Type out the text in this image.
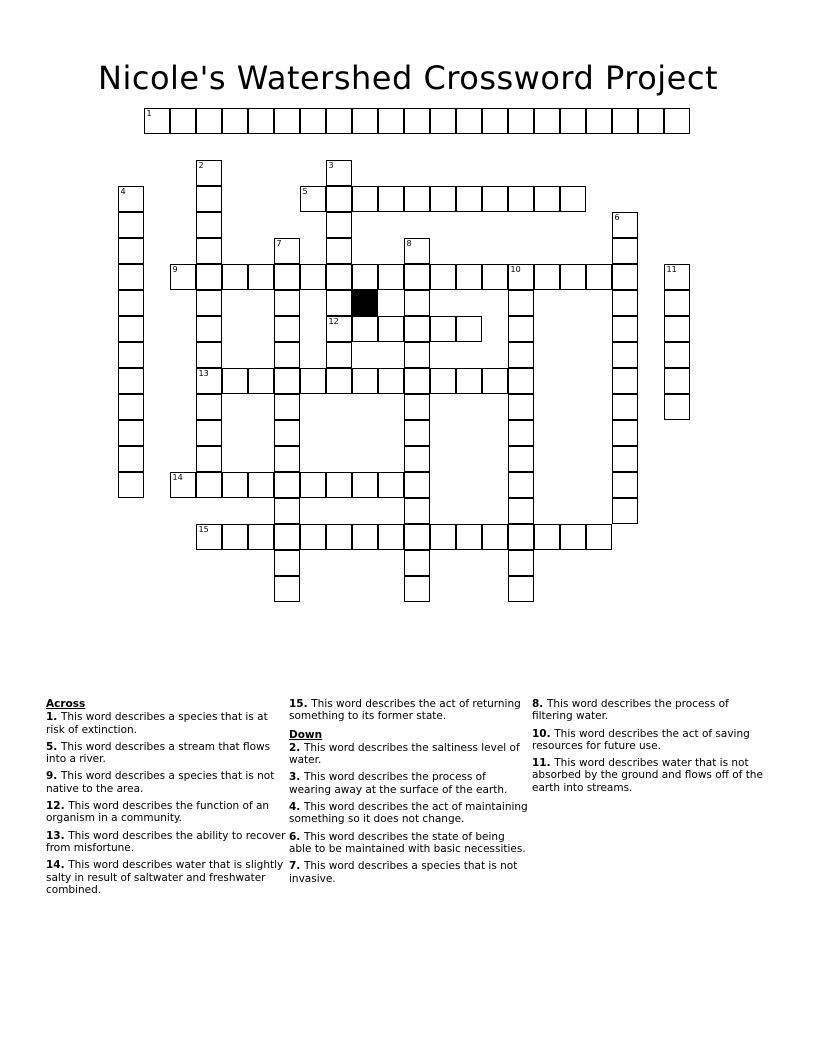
Nicole's Watershed Crossword Project
1
2	3
4	5
6
7	8
9	10	11
12
13
14
15
Across
1. This word describes a species that is at risk of extinction.
5. This word describes a stream that flows into a river.
9. This word describes a species that is not native to the area.
12. This word describes the function of an organism in a community.
13. This word describes the ability to recover from misfortune.
14. This word describes water that is slightly salty in result of saltwater and freshwater combined.
15. This word describes the act of returning something to its former state.
Down
2. This word describes the saltiness level of water.
3. This word describes the process of wearing away at the surface of the earth.
4. This word describes the act of maintaining something so it does not change.
6. This word describes the state of being able to be maintained with basic necessities.
7. This word describes a species that is not invasive.
8. This word describes the process of filtering water.
10. This word describes the act of saving resources for future use.
11. This word describes water that is not absorbed by the ground and flows off of the earth into streams.
